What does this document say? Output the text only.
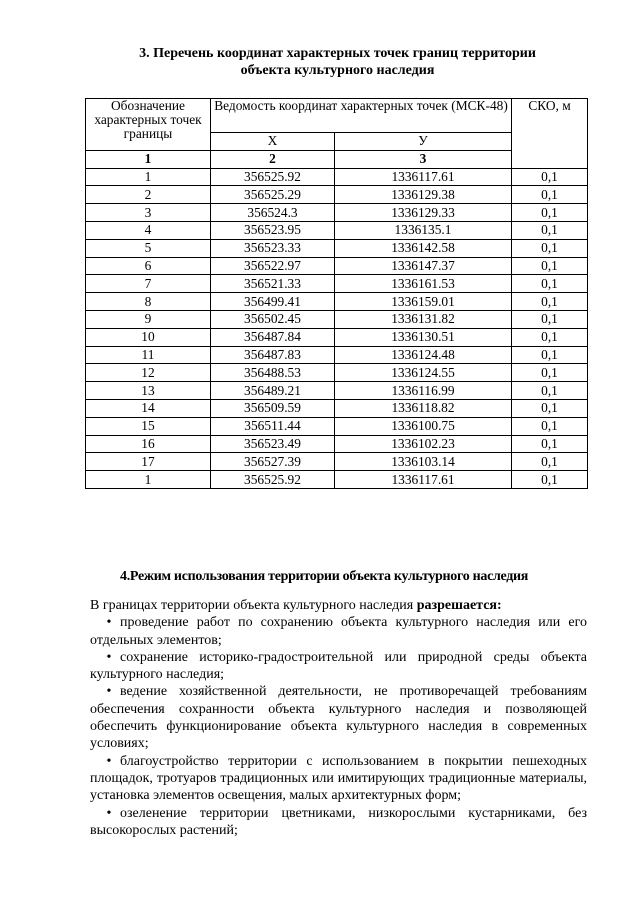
3. Перечень координат характерных точек границ территории
объекта культурного наследия
Обозначение характерных точек границы	Ведомость координат характерных точек (МСК-48)		СКО, м
	Х	У	
1	2	3	
1	356525.92	1336117.61	0,1
2	356525.29	1336129.38	0,1
3	356524.3	1336129.33	0,1
4	356523.95	1336135.1	0,1
5	356523.33	1336142.58	0,1
6	356522.97	1336147.37	0,1
7	356521.33	1336161.53	0,1
8	356499.41	1336159.01	0,1
9	356502.45	1336131.82	0,1
10	356487.84	1336130.51	0,1
11	356487.83	1336124.48	0,1
12	356488.53	1336124.55	0,1
13	356489.21	1336116.99	0,1
14	356509.59	1336118.82	0,1
15	356511.44	1336100.75	0,1
16	356523.49	1336102.23	0,1
17	356527.39	1336103.14	0,1
1	356525.92	1336117.61	0,1
4.Режим использования территории объекта культурного наследия

В границах территории объекта культурного наследия разрешается:

• проведение работ по сохранению объекта культурного наследия или его отдельных элементов;

• сохранение историко-градостроительной или природной среды объекта культурного наследия;

• ведение хозяйственной деятельности, не противоречащей требованиям обеспечения сохранности объекта культурного наследия и позволяющей обеспечить функционирование объекта культурного наследия в современных условиях;

• благоустройство территории с использованием в покрытии пешеходных площадок, тротуаров традиционных или имитирующих традиционные материалы, установка элементов освещения, малых архитектурных форм;

• озеленение территории цветниками, низкорослыми кустарниками, без высокорослых растений;
